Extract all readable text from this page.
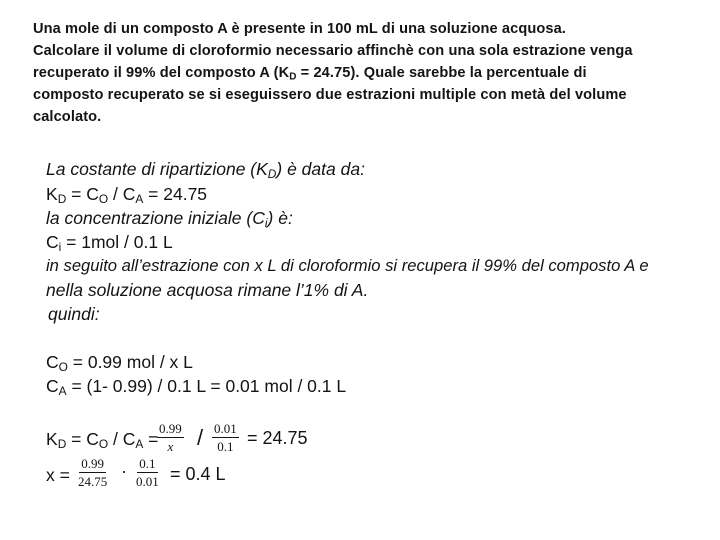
Una mole di un composto A è presente in 100 mL di una soluzione acquosa.
Calcolare il volume di cloroformio necessario affinchè con una sola estrazione venga
recuperato il 99% del composto A $(K_D = 24.75)$. Quale sarebbe la percentuale di
composto recuperato se si eseguissero due estrazioni multiple con metà del volume
calcolato.
La costante di ripartizione $(K_D)$ è data da:
$K_D = C_O / C_A = 24.75$
la concentrazione iniziale $(C_i)$ è:
$C_i = 1mol / 0.1$ L
in seguito all’estrazione con x L di cloroformio si recupera il 99% del composto A e
nella soluzione acquosa rimane l’1% di A.
quindi:
$C_O = 0.99$ mol / x L
$C_A = (1-$ 0.99) / 0.1 L = 0.01 mol / 0.1 L
$K_D = C_O / C_A$ =
$\frac{0.99}{x} / \frac{0.01}{0.1} = 24.75$
$x = \frac{0.99}{24.75} \cdot \frac{0.1}{0.01} = 0.4$ L
